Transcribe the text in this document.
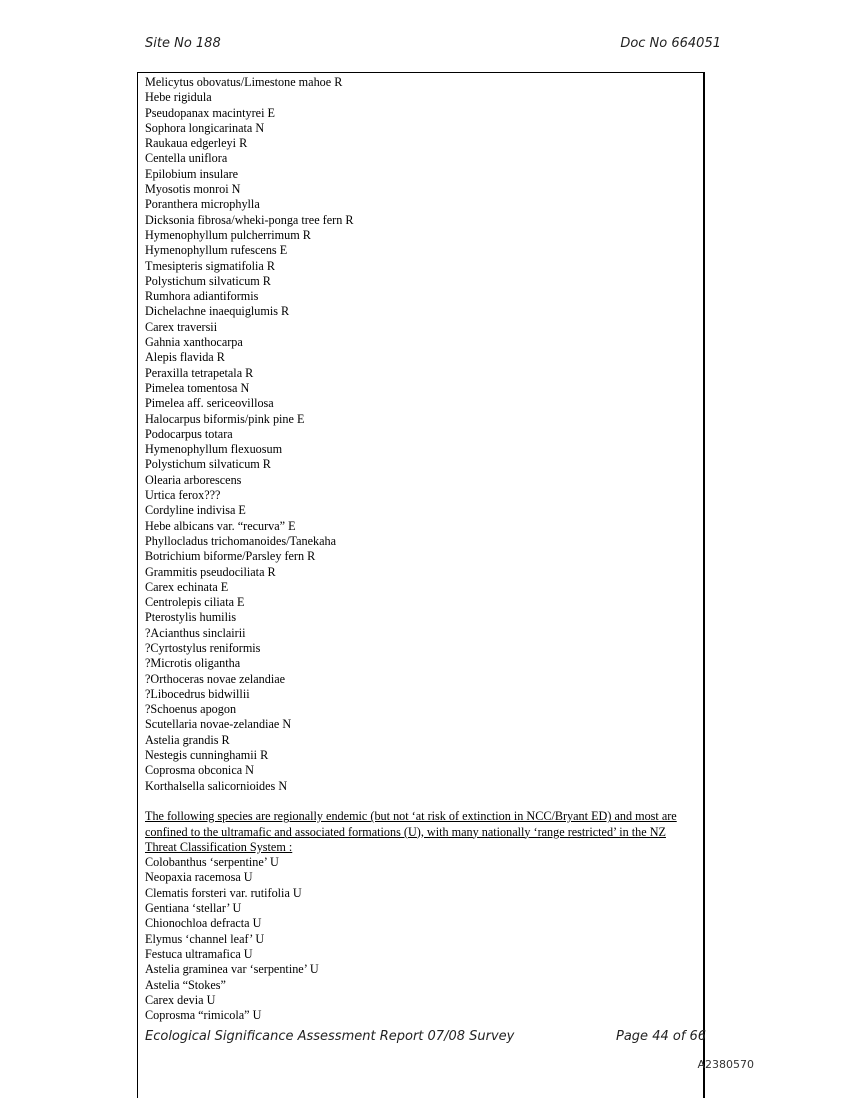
Site No 188	Doc No 664051
Melicytus obovatus/Limestone mahoe R
Hebe rigidula
Pseudopanax macintyrei E
Sophora longicarinata N
Raukaua edgerleyi R
Centella uniflora
Epilobium insulare
Myosotis monroi N
Poranthera microphylla
Dicksonia fibrosa/wheki-ponga tree fern R
Hymenophyllum pulcherrimum R
Hymenophyllum rufescens E
Tmesipteris sigmatifolia R
Polystichum silvaticum R
Rumhora adiantiformis
Dichelachne inaequiglumis R
Carex traversii
Gahnia xanthocarpa
Alepis flavida R
Peraxilla tetrapetala R
Pimelea tomentosa N
Pimelea aff. sericeovillosa
Halocarpus biformis/pink pine E
Podocarpus totara
Hymenophyllum flexuosum
Polystichum silvaticum R
Olearia arborescens
Urtica ferox???
Cordyline indivisa E
Hebe albicans var. “recurva” E
Phyllocladus trichomanoides/Tanekaha
Botrichium biforme/Parsley fern R
Grammitis pseudociliata R
Carex echinata E
Centrolepis ciliata E
Pterostylis humilis
?Acianthus sinclairii
?Cyrtostylus reniformis
?Microtis oligantha
?Orthoceras novae zelandiae
?Libocedrus bidwillii
?Schoenus apogon
Scutellaria novae-zelandiae N
Astelia grandis R
Nestegis cunninghamii R
Coprosma obconica N
Korthalsella salicornioides N
The following species are regionally endemic (but not ‘at risk of extinction in NCC/Bryant ED) and most are confined to the ultramafic and associated formations (U), with many nationally ‘range restricted’ in the NZ Threat Classification System :
Colobanthus ‘serpentine’ U
Neopaxia racemosa U
Clematis forsteri var. rutifolia U
Gentiana ‘stellar’ U
Chionochloa defracta U
Elymus ‘channel leaf’ U
Festuca ultramafica U
Astelia graminea var ‘serpentine’ U
Astelia “Stokes”
Carex devia U
Coprosma “rimicola” U
Ecological Significance Assessment Report 07/08 Survey	Page 44 of 66
A2380570
